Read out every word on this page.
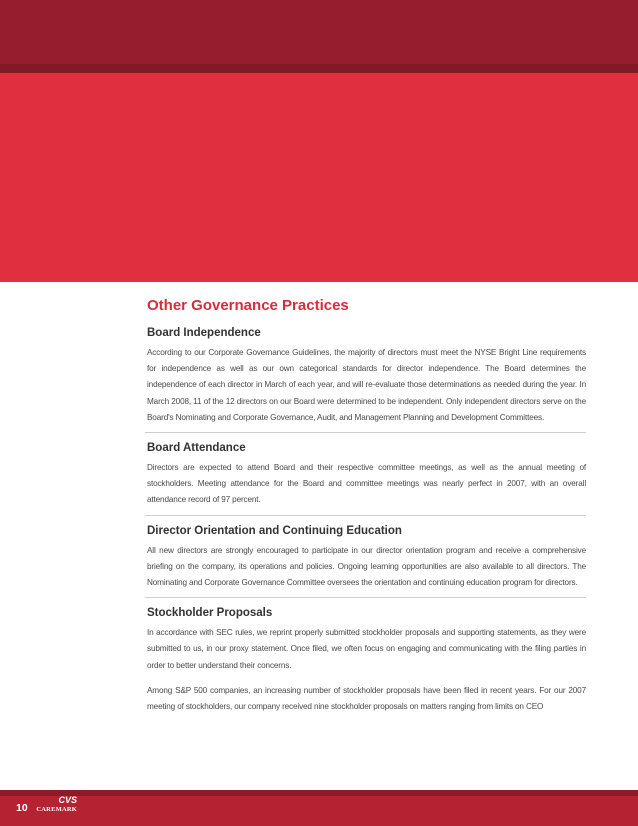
Other Governance Practices
Board Independence

According to our Corporate Governance Guidelines, the majority of directors must meet the NYSE Bright Line requirements for independence as well as our own categorical standards for director independence. The Board determines the independence of each director in March of each year, and will re-evaluate those determinations as needed during the year. In March 2008, 11 of the 12 directors on our Board were determined to be independent. Only independent directors serve on the Board's Nominating and Corporate Governance, Audit, and Management Planning and Development Committees.

Board Attendance

Directors are expected to attend Board and their respective committee meetings, as well as the annual meeting of stockholders. Meeting attendance for the Board and committee meetings was nearly perfect in 2007, with an overall attendance record of 97 percent.

Director Orientation and Continuing Education

All new directors are strongly encouraged to participate in our director orientation program and receive a comprehensive briefing on the company, its operations and policies. Ongoing learning opportunities are also available to all directors. The Nominating and Corporate Governance Committee oversees the orientation and continuing education program for directors.

Stockholder Proposals

In accordance with SEC rules, we reprint properly submitted stockholder proposals and supporting statements, as they were submitted to us, in our proxy statement. Once filed, we often focus on engaging and communicating with the filing parties in order to better understand their concerns.

Among S&P 500 companies, an increasing number of stockholder proposals have been filed in recent years. For our 2007 meeting of stockholders, our company received nine stockholder proposals on matters ranging from limits on CEO

10
CVS
CAREMARK
